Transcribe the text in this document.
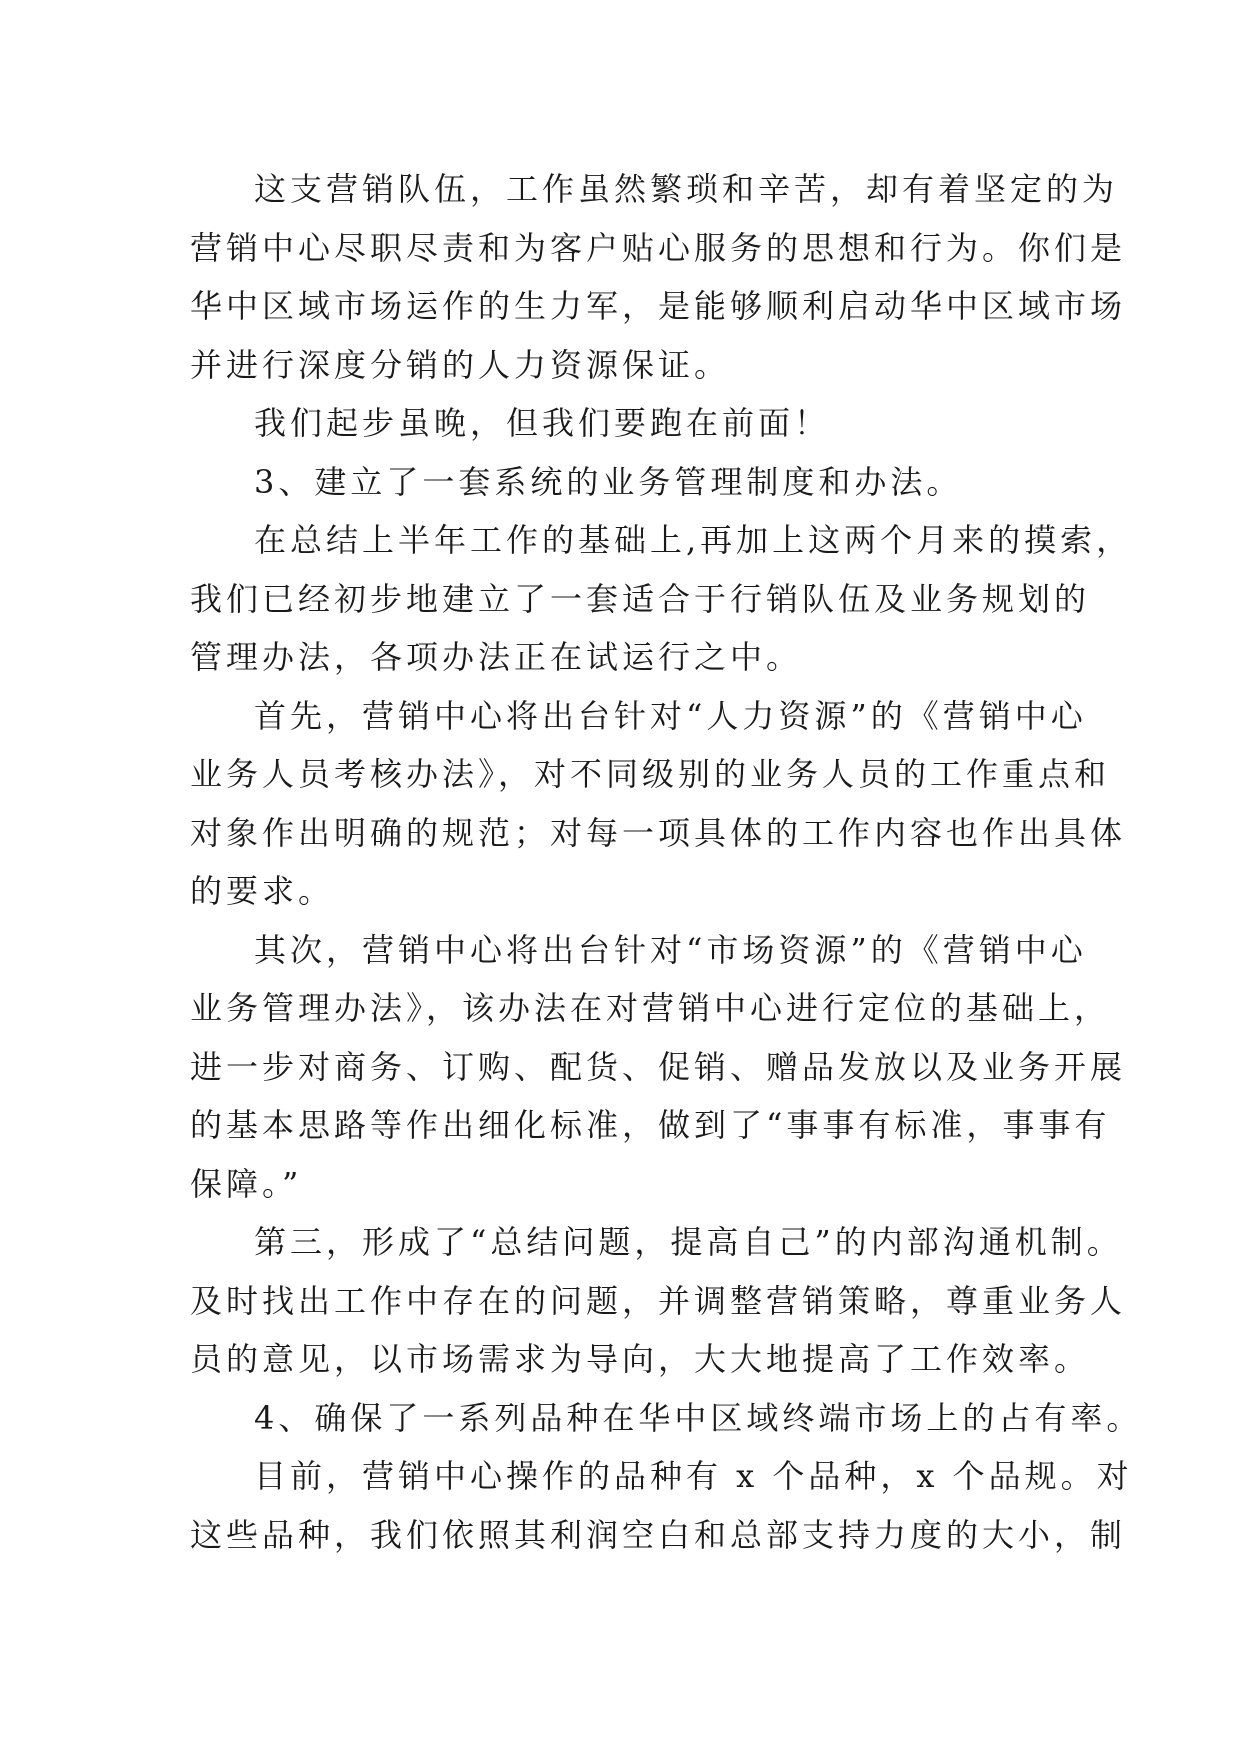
这支营销队伍，工作虽然繁琐和辛苦，却有着坚定的为
营销中心尽职尽责和为客户贴心服务的思想和行为。你们是
华中区域市场运作的生力军，是能够顺利启动华中区域市场
并进行深度分销的人力资源保证。
我们起步虽晚，但我们要跑在前面！
3、建立了一套系统的业务管理制度和办法。
在总结上半年工作的基础上,再加上这两个月来的摸索，
我们已经初步地建立了一套适合于行销队伍及业务规划的
管理办法，各项办法正在试运行之中。
首先，营销中心将出台针对“人力资源”的《营销中心
业务人员考核办法》，对不同级别的业务人员的工作重点和
对象作出明确的规范；对每一项具体的工作内容也作出具体
的要求。
其次，营销中心将出台针对“市场资源”的《营销中心
业务管理办法》，该办法在对营销中心进行定位的基础上，
进一步对商务、订购、配货、促销、赠品发放以及业务开展
的基本思路等作出细化标准，做到了“事事有标准，事事有
保障。”
第三，形成了“总结问题，提高自己”的内部沟通机制。
及时找出工作中存在的问题，并调整营销策略，尊重业务人
员的意见，以市场需求为导向，大大地提高了工作效率。
4、确保了一系列品种在华中区域终端市场上的占有率。
目前，营销中心操作的品种有 x 个品种，x 个品规。对
这些品种，我们依照其利润空白和总部支持力度的大小，制
